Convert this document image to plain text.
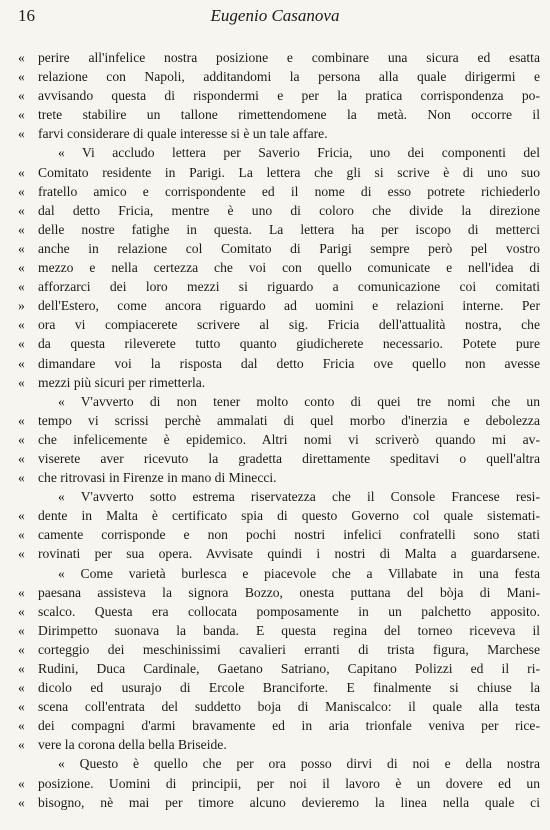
16	Eugenio Casanova
« perire all'infelice nostra posizione e combinare una sicura ed esatta
« relazione con Napoli, additandomi la persona alla quale dirigermi e
« avvisando questa di rispondermi e per la pratica corrispondenza po-
« trete stabilire un tallone rimettendomene la metà. Non occorre il
« farvi considerare di quale interesse si è un tale affare.
« Vi accludo lettera per Saverio Fricia, uno dei componenti del
« Comitato residente in Parigi. La lettera che gli si scrive è di uno suo
« fratello amico e corrispondente ed il nome di esso potrete richiederlo
« dal detto Fricia, mentre è uno di coloro che divide la direzione
« delle nostre fatighe in questa. La lettera ha per iscopo di metterci
« anche in relazione col Comitato di Parigi sempre però pel vostro
« mezzo e nella certezza che voi con quello comunicate e nell'idea di
« afforzarci dei loro mezzi si riguardo a comunicazione coi comitati
» dell'Estero, come ancora riguardo ad uomini e relazioni interne. Per
« ora vi compiacerete scrivere al sig. Fricia dell'attualità nostra, che
« da questa rileverete tutto quanto giudicherete necessario. Potete pure
« dimandare voi la risposta dal detto Fricia ove quello non avesse
« mezzi più sicuri per rimetterla.
« V'avverto di non tener molto conto di quei tre nomi che un
« tempo vi scrissi perchè ammalati di quel morbo d'inerzia e debolezza
« che infelicemente è epidemico. Altri nomi vi scriverò quando mi av-
« viserete aver ricevuto la gradetta direttamente speditavi o quell'altra
« che ritrovasi in Firenze in mano di Minecci.
« V'avverto sotto estrema riservatezza che il Console Francese resi-
« dente in Malta è certificato spia di questo Governo col quale sistemati-
« camente corrisponde e non pochi nostri infelici confratelli sono stati
« rovinati per sua opera. Avvisate quindi i nostri di Malta a guardarsene.
« Come varietà burlesca e piacevole che a Villabate in una festa
« paesana assisteva la signora Bozzo, onesta puttana del bòja di Mani-
« scalco. Questa era collocata pomposamente in un palchetto apposito.
« Dirimpetto suonava la banda. E questa regina del torneo riceveva il
« corteggio dei meschinissimi cavalieri erranti di trista figura, Marchese
« Rudini, Duca Cardinale, Gaetano Satriano, Capitano Polizzi ed il ri-
« dicolo ed usurajo di Ercole Branciforte. E finalmente si chiuse la
« scena coll'entrata del suddetto boja di Maniscalco: il quale alla testa
« dei compagni d'armi bravamente ed in aria trionfale veniva per rice-
« vere la corona della bella Briseide.
« Questo è quello che per ora posso dirvi di noi e della nostra
« posizione. Uomini di principii, per noi il lavoro è un dovere ed un
« bisogno, nè mai per timore alcuno devieremo la linea nella quale ci
